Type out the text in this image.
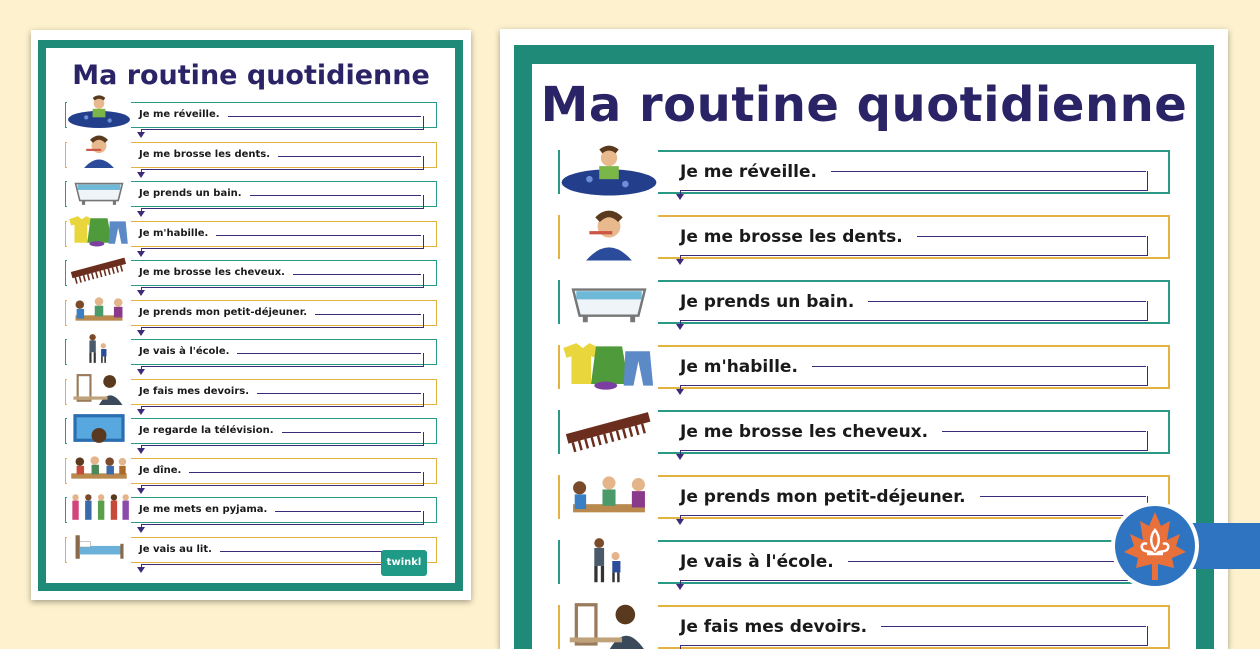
Ma routine quotidienne
Je me réveille.
Je me brosse les dents.
Je prends un bain.
Je m'habille.
Je me brosse les cheveux.
Je prends mon petit-déjeuner.
Je vais à l'école.
Je fais mes devoirs.
Je regarde la télévision.
Je dîne.
Je me mets en pyjama.
Je vais au lit.
twinkl
Ma routine quotidienne
Je me réveille.
Je me brosse les dents.
Je prends un bain.
Je m'habille.
Je me brosse les cheveux.
Je prends mon petit-déjeuner.
Je vais à l'école.
Je fais mes devoirs.
